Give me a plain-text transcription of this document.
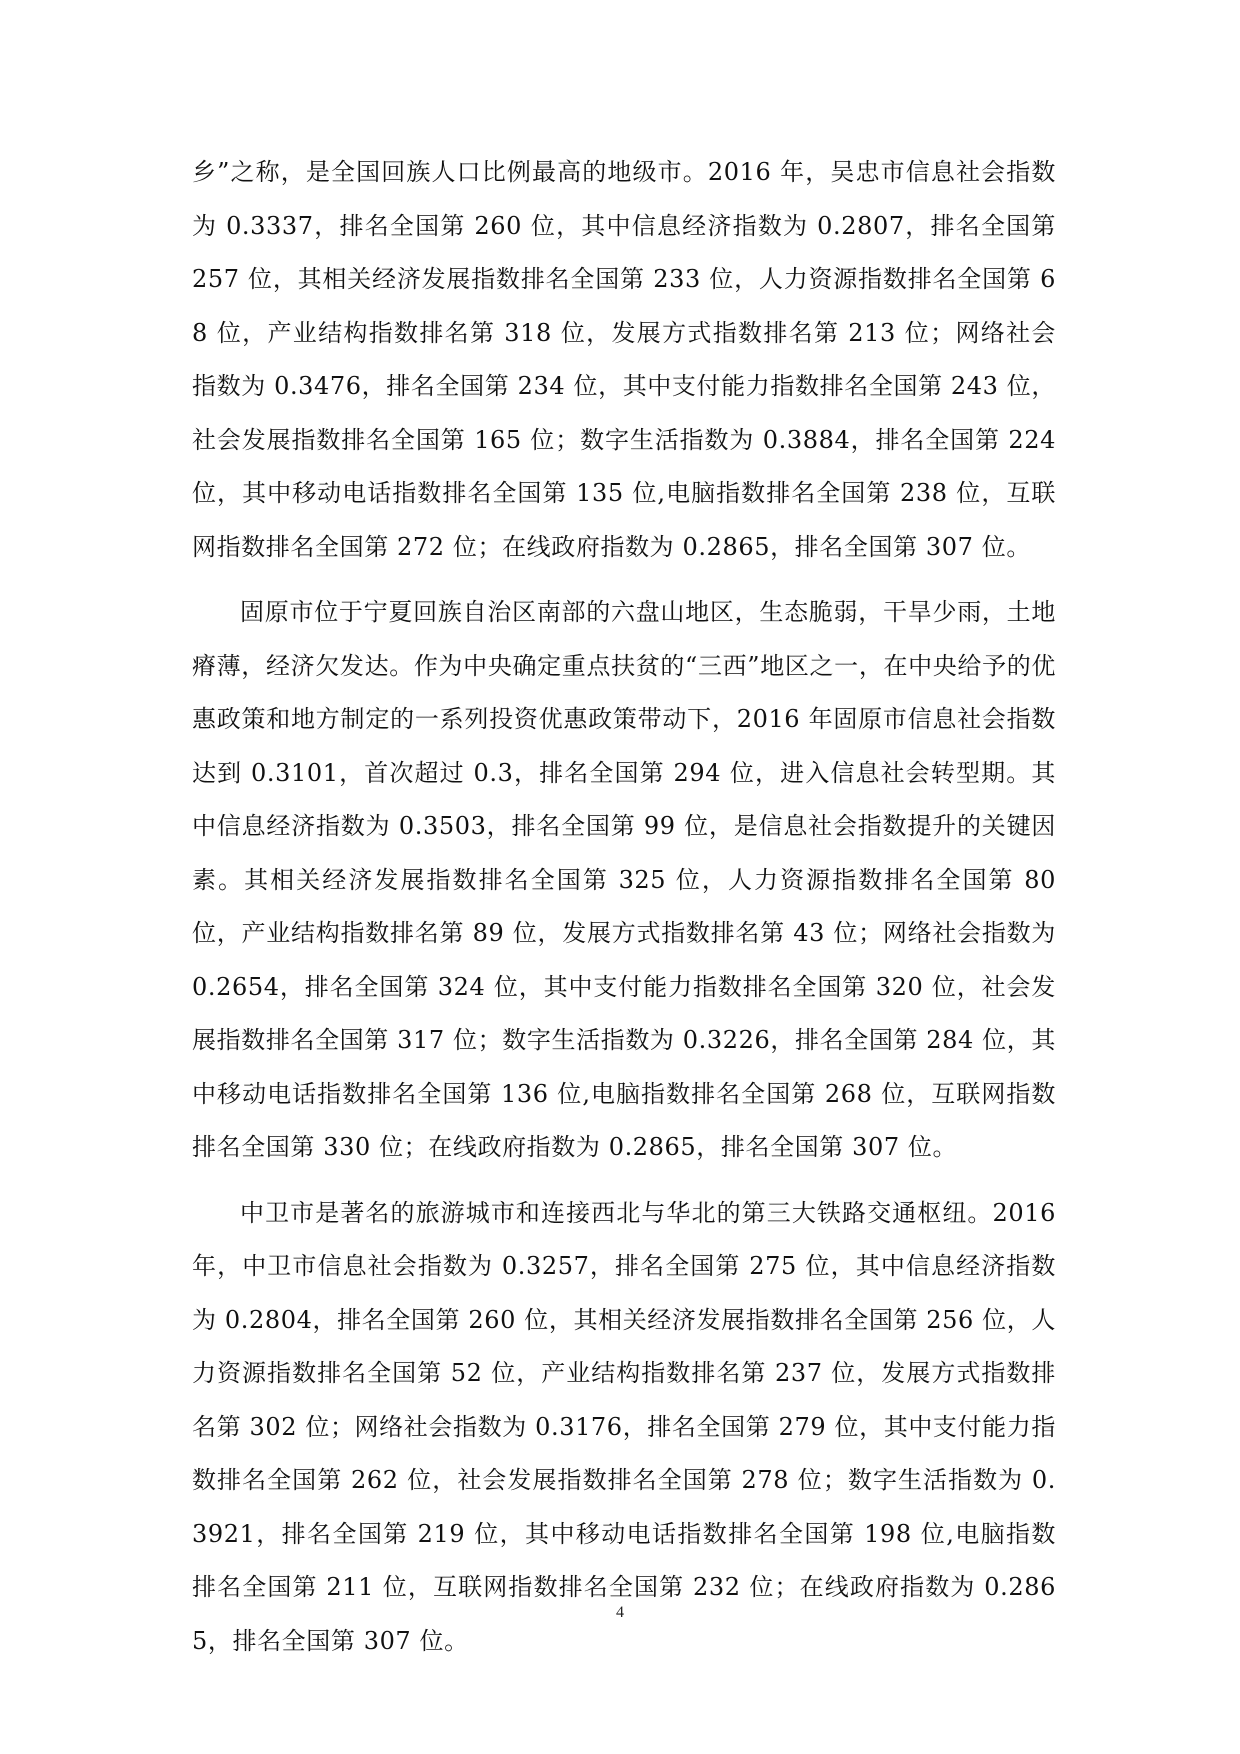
乡”之称，是全国回族人口比例最高的地级市。2016 年，吴忠市信息社会指数为 0.3337，排名全国第 260 位，其中信息经济指数为 0.2807，排名全国第 257 位，其相关经济发展指数排名全国第 233 位，人力资源指数排名全国第 68 位，产业结构指数排名第 318 位，发展方式指数排名第 213 位；网络社会指数为 0.3476，排名全国第 234 位，其中支付能力指数排名全国第 243 位，社会发展指数排名全国第 165 位；数字生活指数为 0.3884，排名全国第 224 位，其中移动电话指数排名全国第 135 位,电脑指数排名全国第 238 位，互联网指数排名全国第 272 位；在线政府指数为 0.2865，排名全国第 307 位。

固原市位于宁夏回族自治区南部的六盘山地区，生态脆弱，干旱少雨，土地瘠薄，经济欠发达。作为中央确定重点扶贫的“三西”地区之一，在中央给予的优惠政策和地方制定的一系列投资优惠政策带动下，2016 年固原市信息社会指数达到 0.3101，首次超过 0.3，排名全国第 294 位，进入信息社会转型期。其中信息经济指数为 0.3503，排名全国第 99 位，是信息社会指数提升的关键因素。其相关经济发展指数排名全国第 325 位，人力资源指数排名全国第 80 位，产业结构指数排名第 89 位，发展方式指数排名第 43 位；网络社会指数为 0.2654，排名全国第 324 位，其中支付能力指数排名全国第 320 位，社会发展指数排名全国第 317 位；数字生活指数为 0.3226，排名全国第 284 位，其中移动电话指数排名全国第 136 位,电脑指数排名全国第 268 位，互联网指数排名全国第 330 位；在线政府指数为 0.2865，排名全国第 307 位。

中卫市是著名的旅游城市和连接西北与华北的第三大铁路交通枢纽。2016 年，中卫市信息社会指数为 0.3257，排名全国第 275 位，其中信息经济指数为 0.2804，排名全国第 260 位，其相关经济发展指数排名全国第 256 位，人力资源指数排名全国第 52 位，产业结构指数排名第 237 位，发展方式指数排名第 302 位；网络社会指数为 0.3176，排名全国第 279 位，其中支付能力指数排名全国第 262 位，社会发展指数排名全国第 278 位；数字生活指数为 0.3921，排名全国第 219 位，其中移动电话指数排名全国第 198 位,电脑指数排名全国第 211 位，互联网指数排名全国第 232 位；在线政府指数为 0.2865，排名全国第 307 位。

4
